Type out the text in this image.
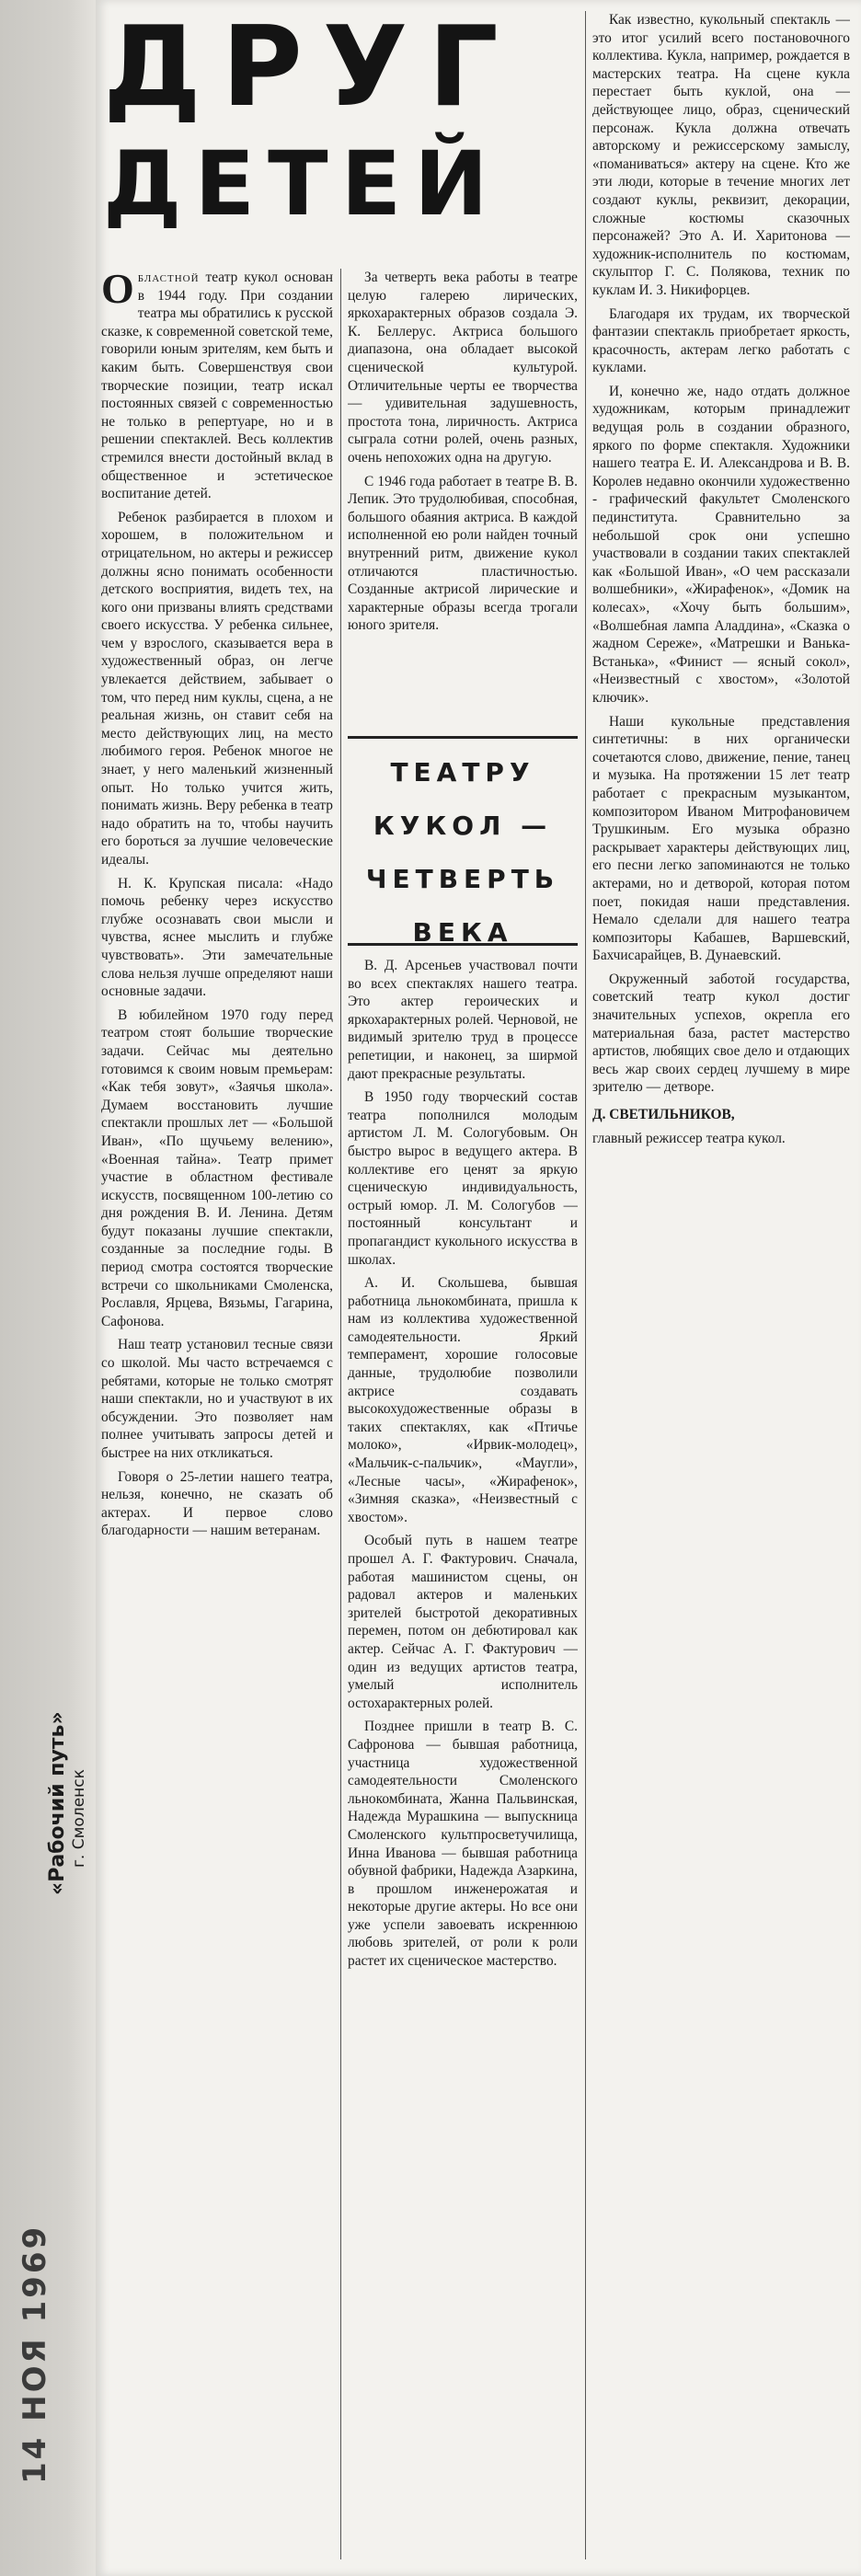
«Рабочий путь» г. Смоленск
14 НОЯ 1969
ДРУГ
ДЕТЕЙ

Областной театр кукол основан в 1944 году. При создании театра мы обратились к русской сказке, к современной советской теме, говорили юным зрителям, кем быть и каким быть. Совершенствуя свои творческие позиции, театр искал постоянных связей с современностью не только в репертуаре, но и в решении спектаклей. Весь коллектив стремился внести достойный вклад в общественное и эстетическое воспитание детей.

Ребенок разбирается в плохом и хорошем, в положительном и отрицательном, но актеры и режиссер должны ясно понимать особенности детского восприятия, видеть тех, на кого они призваны влиять средствами своего искусства. У ребенка сильнее, чем у взрослого, сказывается вера в художественный образ, он легче увлекается действием, забывает о том, что перед ним куклы, сцена, а не реальная жизнь, он ставит себя на место действующих лиц, на место любимого героя. Ребенок многое не знает, у него маленький жизненный опыт. Но только учится жить, понимать жизнь. Веру ребенка в театр надо обратить на то, чтобы научить его бороться за лучшие человеческие идеалы.

Н. К. Крупская писала: «Надо помочь ребенку через искусство глубже осознавать свои мысли и чувства, яснее мыслить и глубже чувствовать». Эти замечательные слова нельзя лучше определяют наши основные задачи.

В юбилейном 1970 году перед театром стоят большие творческие задачи. Сейчас мы деятельно готовимся к своим новым премьерам: «Как тебя зовут», «Заячья школа». Думаем восстановить лучшие спектакли прошлых лет — «Большой Иван», «По щучьему велению», «Военная тайна». Театр примет участие в областном фестивале искусств, посвященном 100-летию со дня рождения В. И. Ленина. Детям будут показаны лучшие спектакли, созданные за последние годы. В период смотра состоятся творческие встречи со школьниками Смоленска, Рославля, Ярцева, Вязьмы, Гагарина, Сафонова.

Наш театр установил тесные связи со школой. Мы часто встречаемся с ребятами, которые не только смотрят наши спектакли, но и участвуют в их обсуждении. Это позволяет нам полнее учитывать запросы детей и быстрее на них откликаться.

Говоря о 25-летии нашего театра, нельзя, конечно, не сказать об актерах. И первое слово благодарности — нашим ветеранам.

За четверть века работы в театре целую галерею лирических, яркохарактерных образов создала Э. К. Беллерус. Актриса большого диапазона, она обладает высокой сценической культурой. Отличительные черты ее творчества — удивительная задушевность, простота тона, лиричность. Актриса сыграла сотни ролей, очень разных, очень непохожих одна на другую.

С 1946 года работает в театре В. В. Лепик. Это трудолюбивая, способная, большого обаяния актриса. В каждой исполненной ею роли найден точный внутренний ритм, движение кукол отличаются пластичностью. Созданные актрисой лирические и характерные образы всегда трогали юного зрителя.

ТЕАТРУ
КУКОЛ —
ЧЕТВЕРТЬ
ВЕКА

В. Д. Арсеньев участвовал почти во всех спектаклях нашего театра. Это актер героических и яркохарактерных ролей. Черновой, не видимый зрителю труд в процессе репетиции, и наконец, за ширмой дают прекрасные результаты.

В 1950 году творческий состав театра пополнился молодым артистом Л. М. Сологубовым. Он быстро вырос в ведущего актера. В коллективе его ценят за яркую сценическую индивидуальность, острый юмор. Л. М. Сологубов — постоянный консультант и пропагандист кукольного искусства в школах.

А. И. Скольшева, бывшая работница льнокомбината, пришла к нам из коллектива художественной самодеятельности. Яркий темперамент, хорошие голосовые данные, трудолюбие позволили актрисе создавать высокохудожественные образы в таких спектаклях, как «Птичье молоко», «Ирвик-молодец», «Мальчик-с-пальчик», «Маугли», «Лесные часы», «Жирафенок», «Зимняя сказка», «Неизвестный с хвостом».

Особый путь в нашем театре прошел А. Г. Фактурович. Сначала, работая машинистом сцены, он радовал актеров и маленьких зрителей быстротой декоративных перемен, потом он дебютировал как актер. Сейчас А. Г. Фактурович — один из ведущих артистов театра, умелый исполнитель остохарактерных ролей.

Позднее пришли в театр В. С. Сафронова — бывшая работница, участница художественной самодеятельности Смоленского льнокомбината, Жанна Пальвинская, Надежда Мурашкина — выпускница Смоленского культпросветучилища, Инна Иванова — бывшая работница обувной фабрики, Надежда Азаркина, в прошлом инженерожатая и некоторые другие актеры. Но все они уже успели завоевать искреннюю любовь зрителей, от роли к роли растет их сценическое мастерство.

Как известно, кукольный спектакль — это итог усилий всего постановочного коллектива. Кукла, например, рождается в мастерских театра. На сцене кукла перестает быть куклой, она — действующее лицо, образ, сценический персонаж. Кукла должна отвечать авторскому и режиссерскому замыслу, «поманиваться» актеру на сцене. Кто же эти люди, которые в течение многих лет создают куклы, реквизит, декорации, сложные костюмы сказочных персонажей? Это А. И. Харитонова — художник-исполнитель по костюмам, скульптор Г. С. Полякова, техник по куклам И. З. Никифорцев.

Благодаря их трудам, их творческой фантазии спектакль приобретает яркость, красочность, актерам легко работать с куклами.

И, конечно же, надо отдать должное художникам, которым принадлежит ведущая роль в создании образного, яркого по форме спектакля. Художники нашего театра Е. И. Александрова и В. В. Королев недавно окончили художественно - графический факультет Смоленского пединститута. Сравнительно за небольшой срок они успешно участвовали в создании таких спектаклей как «Большой Иван», «О чем рассказали волшебники», «Жирафенок», «Домик на колесах», «Хочу быть большим», «Волшебная лампа Аладдина», «Сказка о жадном Сереже», «Матрешки и Ванька-Встанька», «Финист — ясный сокол», «Неизвестный с хвостом», «Золотой ключик».

Наши кукольные представления синтетичны: в них органически сочетаются слово, движение, пение, танец и музыка. На протяжении 15 лет театр работает с прекрасным музыкантом, композитором Иваном Митрофановичем Трушкиным. Его музыка образно раскрывает характеры действующих лиц, его песни легко запоминаются не только актерами, но и детворой, которая потом поет, покидая наши представления. Немало сделали для нашего театра композиторы Кабашев, Варшевский, Бахчисарайцев, В. Дунаевский.

Окруженный заботой государства, советский театр кукол достиг значительных успехов, окрепла его материальная база, растет мастерство артистов, любящих свое дело и отдающих весь жар своих сердец лучшему в мире зрителю — детворе.

Д. СВЕТИЛЬНИКОВ,

главный режиссер театра кукол.
